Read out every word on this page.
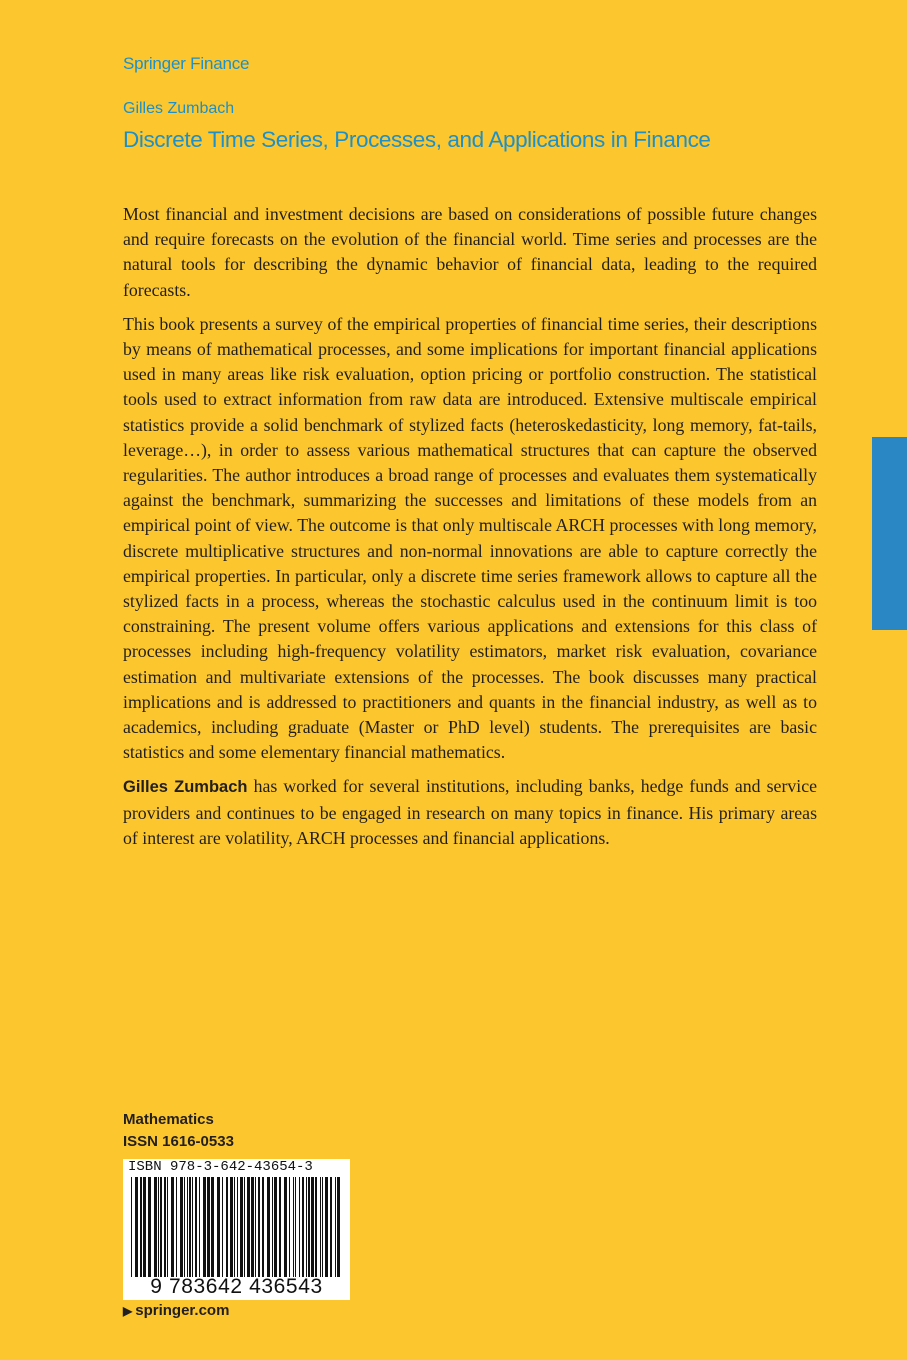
Springer Finance
Gilles Zumbach
Discrete Time Series, Processes, and Applications in Finance

Most financial and investment decisions are based on considerations of possible future changes and require forecasts on the evolution of the financial world. Time series and processes are the natural tools for describing the dynamic behavior of financial data, leading to the required forecasts.

This book presents a survey of the empirical properties of financial time series, their descriptions by means of mathematical processes, and some implications for important financial applications used in many areas like risk evaluation, option pricing or portfolio construction. The statistical tools used to extract information from raw data are introduced. Extensive multiscale empirical statistics provide a solid benchmark of stylized facts (heteroskedasticity, long memory, fat-tails, leverage…), in order to assess various mathematical structures that can capture the observed regularities. The author introduces a broad range of processes and evaluates them systematically against the benchmark, summarizing the successes and limitations of these models from an empirical point of view. The outcome is that only multiscale ARCH processes with long memory, discrete multiplicative structures and non-normal innovations are able to capture correctly the empirical properties. In particular, only a discrete time series framework allows to capture all the stylized facts in a process, whereas the stochastic calculus used in the continuum limit is too constraining. The present volume offers various applications and extensions for this class of processes including high-frequency volatility estimators, market risk evaluation, covariance estimation and multivariate extensions of the processes. The book discusses many practical implications and is addressed to practitioners and quants in the financial industry, as well as to academics, including graduate (Master or PhD level) students. The prerequisites are basic statistics and some elementary financial mathematics.

Gilles Zumbach has worked for several institutions, including banks, hedge funds and service providers and continues to be engaged in research on many topics in finance. His primary areas of interest are volatility, ARCH processes and financial applications.

Mathematics
ISSN 1616-0533
ISBN 978-3-642-43654-3
9 783642 436543
▶ springer.com
